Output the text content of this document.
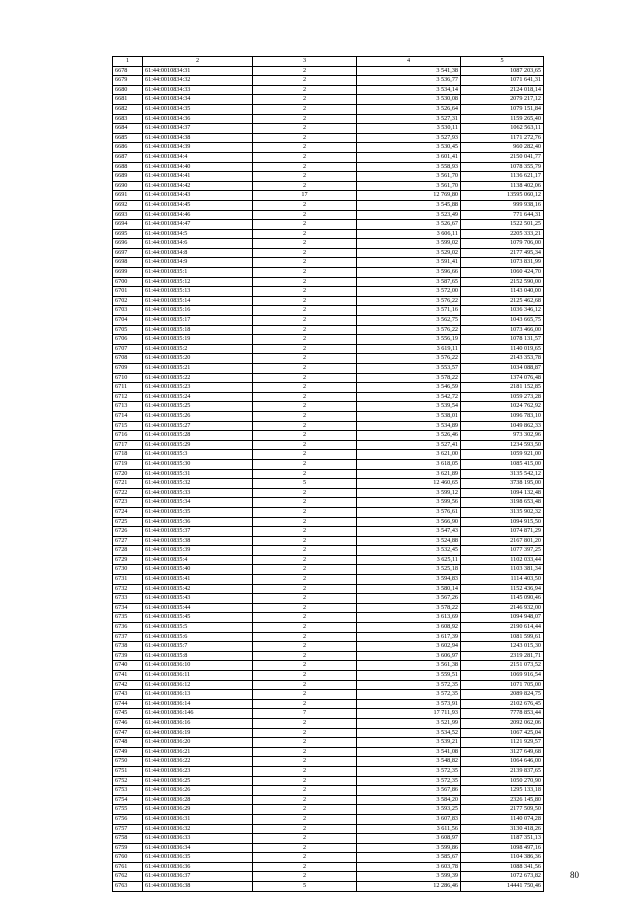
1	2	3	4	5
6678	61:44:0010834:31	2	3 541,38	1087 203,65
6679	61:44:0010834:32	2	3 536,77	1071 641,31
6680	61:44:0010834:33	2	3 534,14	2124 018,14
6681	61:44:0010834:34	2	3 530,08	2079 217,12
6682	61:44:0010834:35	2	3 526,64	1079 151,84
6683	61:44:0010834:36	2	3 527,31	1159 265,40
6684	61:44:0010834:37	2	3 530,11	1062 563,11
6685	61:44:0010834:38	2	3 527,93	1171 272,76
6686	61:44:0010834:39	2	3 530,45	960 282,40
6687	61:44:0010834:4	2	3 601,41	2150 041,77
6688	61:44:0010834:40	2	3 558,93	1078 355,79
6689	61:44:0010834:41	2	3 561,70	1136 621,17
6690	61:44:0010834:42	2	3 561,70	1138 402,06
6691	61:44:0010834:43	17	12 769,80	13595 060,12
6692	61:44:0010834:45	2	3 545,88	999 938,16
6693	61:44:0010834:46	2	3 523,49	771 644,31
6694	61:44:0010834:47	2	3 526,67	1522 501,25
6695	61:44:0010834:5	2	3 606,11	2205 333,21
6696	61:44:0010834:6	2	3 599,02	1079 706,00
6697	61:44:0010834:8	2	3 529,02	2177 495,34
6698	61:44:0010834:9	2	3 591,41	1073 831,99
6699	61:44:0010835:1	2	3 596,66	1060 424,70
6700	61:44:0010835:12	2	3 587,65	2152 590,00
6701	61:44:0010835:13	2	3 572,00	1143 040,00
6702	61:44:0010835:14	2	3 576,22	2125 462,68
6703	61:44:0010835:16	2	3 571,16	1036 346,12
6704	61:44:0010835:17	2	3 562,75	1043 665,75
6705	61:44:0010835:18	2	3 576,22	1073 466,00
6706	61:44:0010835:19	2	3 556,19	1078 131,57
6707	61:44:0010835:2	2	3 619,11	1140 019,65
6708	61:44:0010835:20	2	3 576,22	2143 353,78
6709	61:44:0010835:21	2	3 553,57	1034 088,87
6710	61:44:0010835:22	2	3 578,22	1374 076,48
6711	61:44:0010835:23	2	3 546,59	2181 152,85
6712	61:44:0010835:24	2	3 542,72	1059 273,28
6713	61:44:0010835:25	2	3 539,54	1024 762,92
6714	61:44:0010835:26	2	3 538,01	1096 783,10
6715	61:44:0010835:27	2	3 534,89	1049 862,33
6716	61:44:0010835:28	2	3 526,46	973 302,96
6717	61:44:0010835:29	2	3 527,41	1234 593,50
6718	61:44:0010835:3	2	3 621,00	1059 921,00
6719	61:44:0010835:30	2	3 618,05	1085 415,00
6720	61:44:0010835:31	2	3 621,89	3135 542,12
6721	61:44:0010835:32	5	12 460,65	3738 195,00
6722	61:44:0010835:33	2	3 599,12	1094 132,48
6723	61:44:0010835:34	2	3 599,56	3198 653,48
6724	61:44:0010835:35	2	3 576,61	3135 902,32
6725	61:44:0010835:36	2	3 566,90	1094 915,50
6726	61:44:0010835:37	2	3 547,43	1074 871,29
6727	61:44:0010835:38	2	3 524,88	2167 801,20
6728	61:44:0010835:39	2	3 532,45	1077 397,25
6729	61:44:0010835:4	2	3 625,11	1102 033,44
6730	61:44:0010835:40	2	3 525,18	1103 381,34
6731	61:44:0010835:41	2	3 594,83	1114 403,50
6732	61:44:0010835:42	2	3 580,14	1152 436,94
6733	61:44:0010835:43	2	3 567,26	1145 090,46
6734	61:44:0010835:44	2	3 578,22	2146 932,00
6735	61:44:0010835:45	2	3 613,69	1094 948,07
6736	61:44:0010835:5	2	3 608,92	2190 614,44
6737	61:44:0010835:6	2	3 617,39	1081 599,61
6738	61:44:0010835:7	2	3 602,94	1243 015,30
6739	61:44:0010835:8	2	3 606,97	2319 281,71
6740	61:44:0010836:10	2	3 561,38	2151 073,52
6741	61:44:0010836:11	2	3 559,51	1069 916,54
6742	61:44:0010836:12	2	3 572,35	1071 705,00
6743	61:44:0010836:13	2	3 572,35	2089 824,75
6744	61:44:0010836:14	2	3 573,91	2102 676,45
6745	61:44:0010836:146	7	17 711,93	7778 853,44
6746	61:44:0010836:16	2	3 521,99	2092 062,06
6747	61:44:0010836:19	2	3 534,52	1067 425,04
6748	61:44:0010836:20	2	3 539,21	1121 929,57
6749	61:44:0010836:21	2	3 541,08	3127 649,68
6750	61:44:0010836:22	2	3 548,82	1064 646,00
6751	61:44:0010836:23	2	3 572,35	2139 837,65
6752	61:44:0010836:25	2	3 572,35	1050 270,90
6753	61:44:0010836:26	2	3 567,86	1295 133,18
6754	61:44:0010836:28	2	3 584,20	2326 145,80
6755	61:44:0010836:29	2	3 593,25	2177 509,50
6756	61:44:0010836:31	2	3 607,83	1140 074,28
6757	61:44:0010836:32	2	3 611,56	3130 418,26
6758	61:44:0010836:33	2	3 608,97	1187 351,13
6759	61:44:0010836:34	2	3 599,86	1098 497,16
6760	61:44:0010836:35	2	3 585,67	1104 386,36
6761	61:44:0010836:36	2	3 603,78	1088 341,56
6762	61:44:0010836:37	2	3 599,39	1072 673,82
6763	61:44:0010836:38	5	12 286,46	14441 750,46
80
